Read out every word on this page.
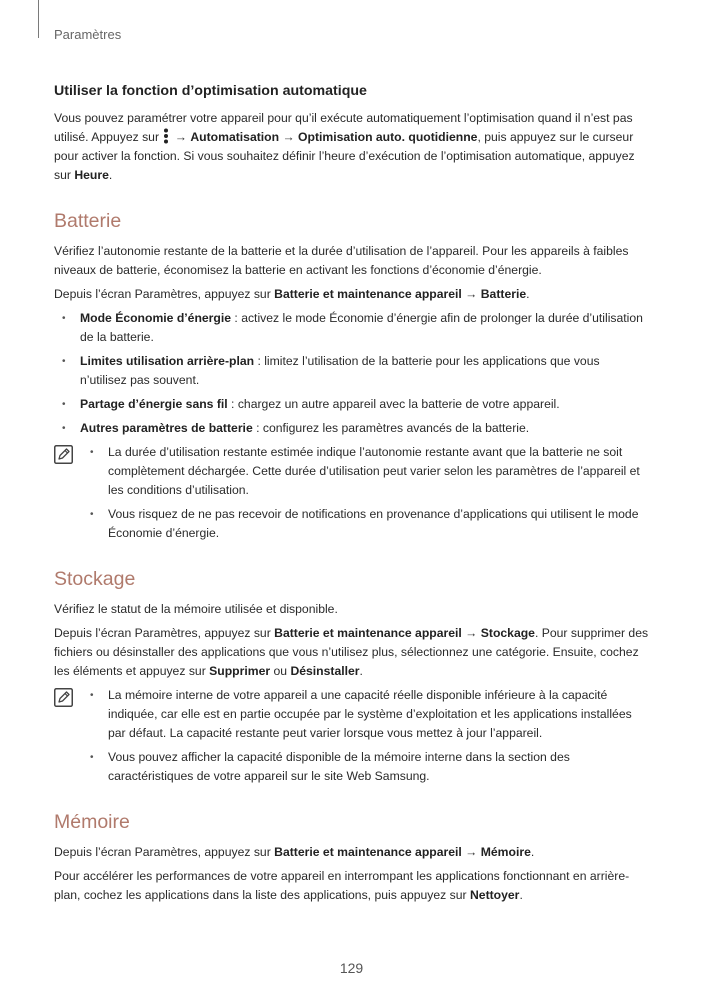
Paramètres
Utiliser la fonction d’optimisation automatique

Vous pouvez paramétrer votre appareil pour qu’il exécute automatiquement l’optimisation quand il n’est pas utilisé. Appuyez sur  → Automatisation → Optimisation auto. quotidienne, puis appuyez sur le curseur pour activer la fonction. Si vous souhaitez définir l’heure d’exécution de l’optimisation automatique, appuyez sur Heure.

Batterie

Vérifiez l’autonomie restante de la batterie et la durée d’utilisation de l’appareil. Pour les appareils à faibles niveaux de batterie, économisez la batterie en activant les fonctions d’économie d’énergie.

Depuis l’écran Paramètres, appuyez sur Batterie et maintenance appareil → Batterie.

• Mode Économie d’énergie : activez le mode Économie d’énergie afin de prolonger la durée d’utilisation de la batterie.
• Limites utilisation arrière-plan : limitez l’utilisation de la batterie pour les applications que vous n’utilisez pas souvent.
• Partage d’énergie sans fil : chargez un autre appareil avec la batterie de votre appareil.
• Autres paramètres de batterie : configurez les paramètres avancés de la batterie.
• La durée d’utilisation restante estimée indique l’autonomie restante avant que la batterie ne soit complètement déchargée. Cette durée d’utilisation peut varier selon les paramètres de l’appareil et les conditions d’utilisation.
• Vous risquez de ne pas recevoir de notifications en provenance d’applications qui utilisent le mode Économie d’énergie.
Stockage

Vérifiez le statut de la mémoire utilisée et disponible.

Depuis l’écran Paramètres, appuyez sur Batterie et maintenance appareil → Stockage. Pour supprimer des fichiers ou désinstaller des applications que vous n’utilisez plus, sélectionnez une catégorie. Ensuite, cochez les éléments et appuyez sur Supprimer ou Désinstaller.

• La mémoire interne de votre appareil a une capacité réelle disponible inférieure à la capacité indiquée, car elle est en partie occupée par le système d’exploitation et les applications installées par défaut. La capacité restante peut varier lorsque vous mettez à jour l’appareil.
• Vous pouvez afficher la capacité disponible de la mémoire interne dans la section des caractéristiques de votre appareil sur le site Web Samsung.
Mémoire

Depuis l’écran Paramètres, appuyez sur Batterie et maintenance appareil → Mémoire.

Pour accélérer les performances de votre appareil en interrompant les applications fonctionnant en arrière-plan, cochez les applications dans la liste des applications, puis appuyez sur Nettoyer.

129
